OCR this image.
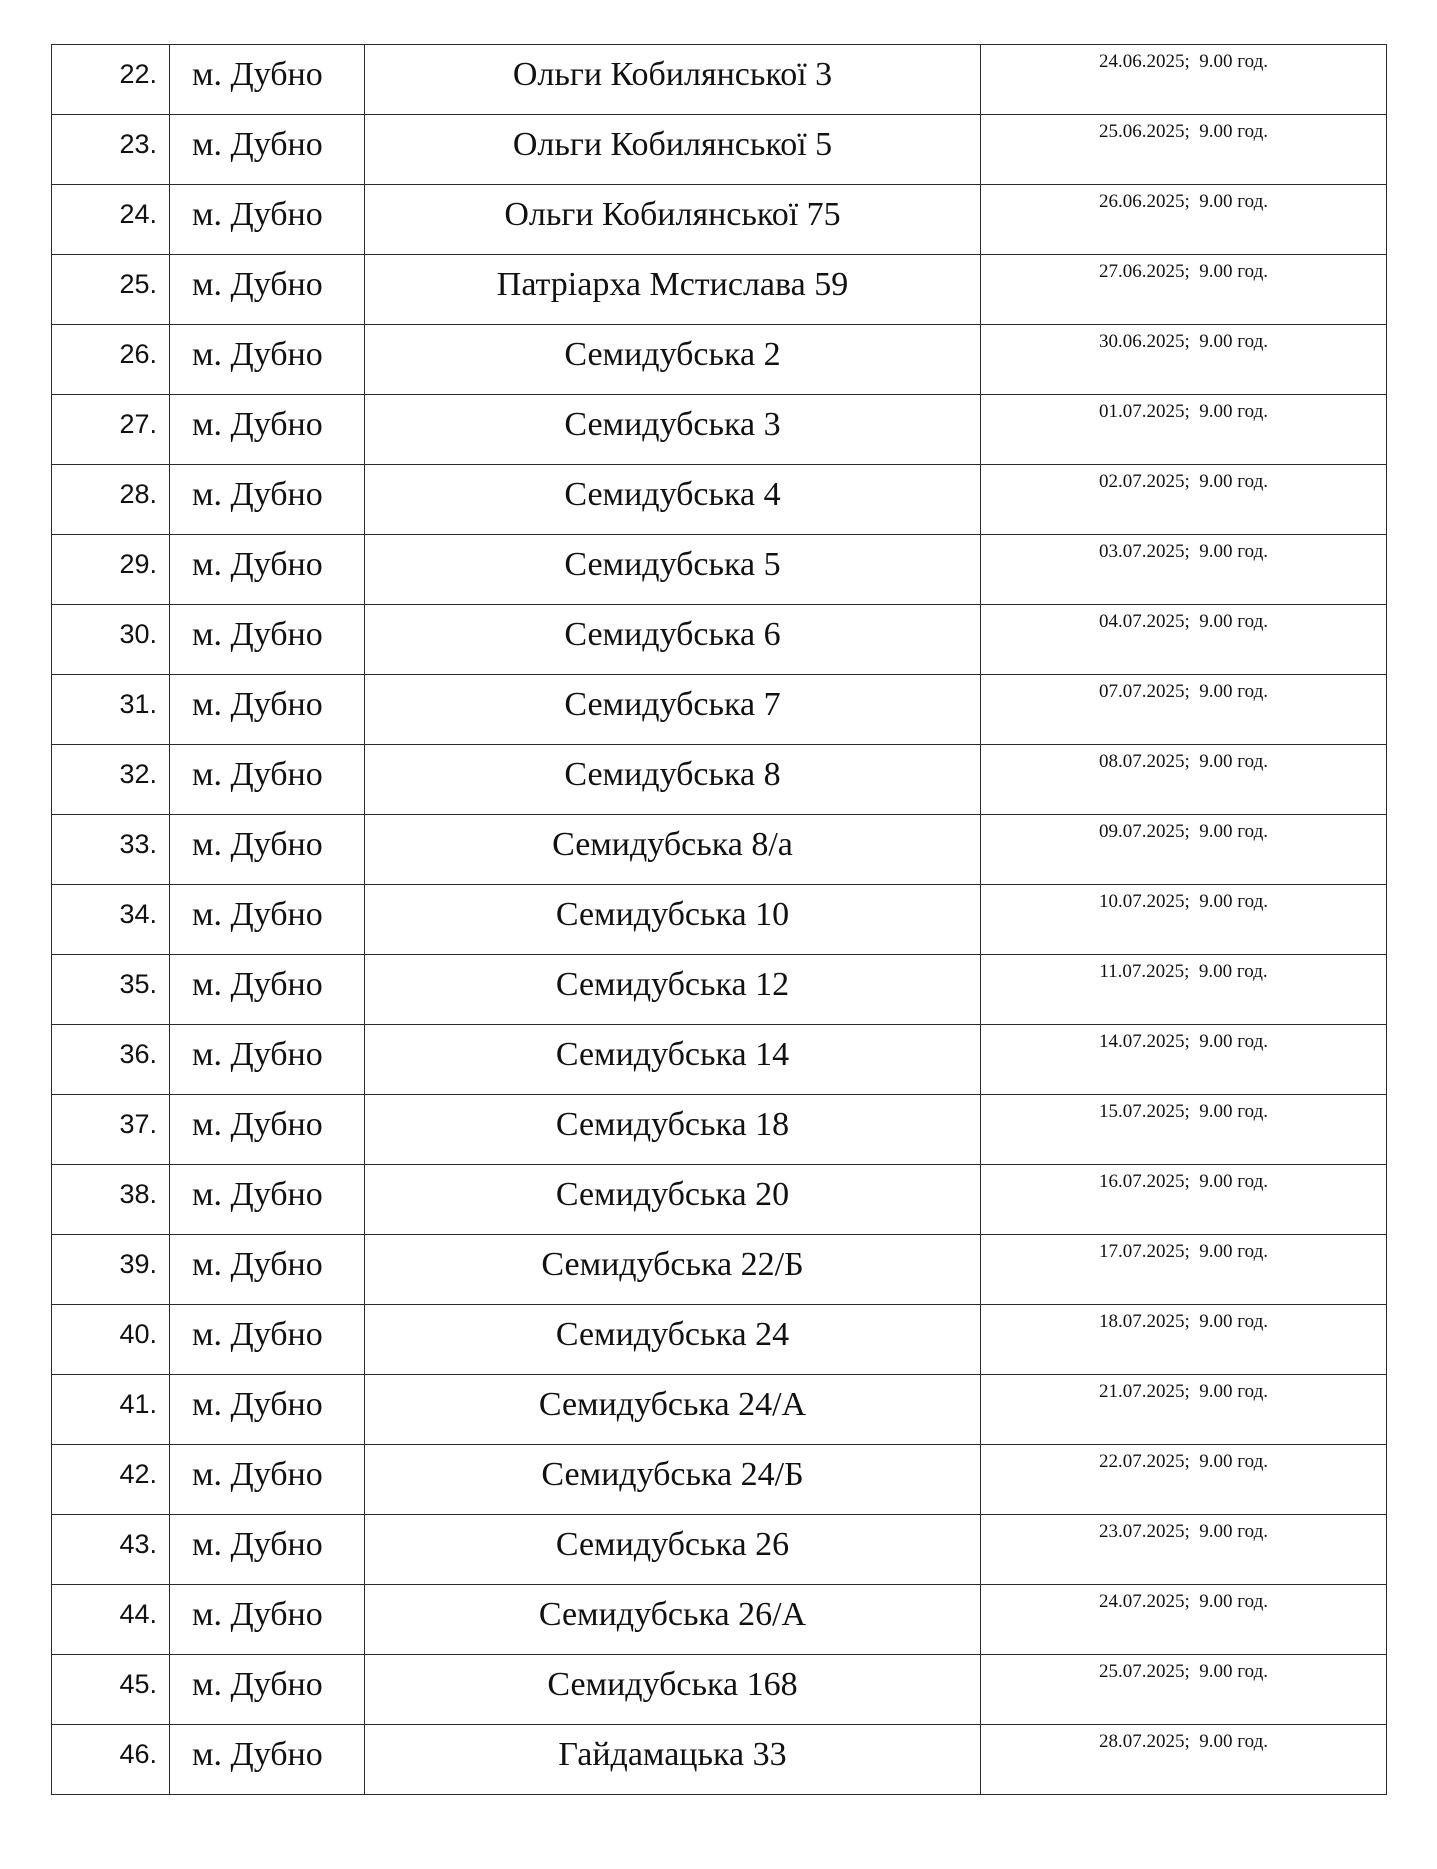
22.	м. Дубно	Ольги Кобилянської 3	24.06.2025;  9.00 год.
23.	м. Дубно	Ольги Кобилянської 5	25.06.2025;  9.00 год.
24.	м. Дубно	Ольги Кобилянської 75	26.06.2025;  9.00 год.
25.	м. Дубно	Патріарха Мстислава 59	27.06.2025;  9.00 год.
26.	м. Дубно	Семидубська 2	30.06.2025;  9.00 год.
27.	м. Дубно	Семидубська 3	01.07.2025;  9.00 год.
28.	м. Дубно	Семидубська 4	02.07.2025;  9.00 год.
29.	м. Дубно	Семидубська 5	03.07.2025;  9.00 год.
30.	м. Дубно	Семидубська 6	04.07.2025;  9.00 год.
31.	м. Дубно	Семидубська 7	07.07.2025;  9.00 год.
32.	м. Дубно	Семидубська 8	08.07.2025;  9.00 год.
33.	м. Дубно	Семидубська 8/а	09.07.2025;  9.00 год.
34.	м. Дубно	Семидубська 10	10.07.2025;  9.00 год.
35.	м. Дубно	Семидубська 12	11.07.2025;  9.00 год.
36.	м. Дубно	Семидубська 14	14.07.2025;  9.00 год.
37.	м. Дубно	Семидубська 18	15.07.2025;  9.00 год.
38.	м. Дубно	Семидубська 20	16.07.2025;  9.00 год.
39.	м. Дубно	Семидубська 22/Б	17.07.2025;  9.00 год.
40.	м. Дубно	Семидубська 24	18.07.2025;  9.00 год.
41.	м. Дубно	Семидубська 24/А	21.07.2025;  9.00 год.
42.	м. Дубно	Семидубська 24/Б	22.07.2025;  9.00 год.
43.	м. Дубно	Семидубська 26	23.07.2025;  9.00 год.
44.	м. Дубно	Семидубська 26/А	24.07.2025;  9.00 год.
45.	м. Дубно	Семидубська 168	25.07.2025;  9.00 год.
46.	м. Дубно	Гайдамацька 33	28.07.2025;  9.00 год.
